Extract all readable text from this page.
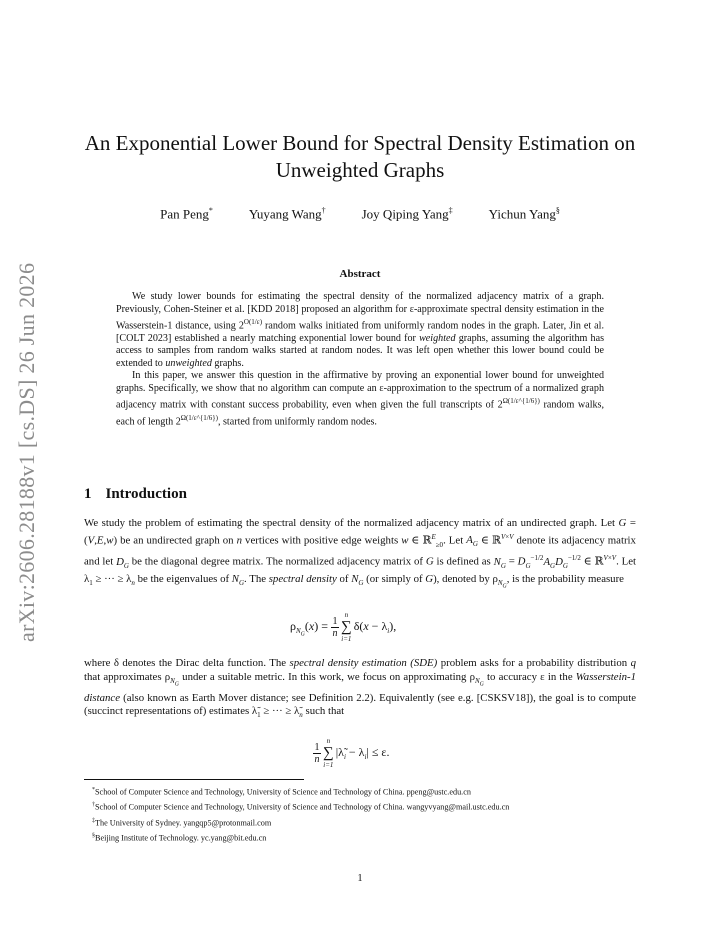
arXiv:2606.28188v1 [cs.DS] 26 Jun 2026
An Exponential Lower Bound for Spectral Density Estimation on
Unweighted Graphs
Pan Peng*	Yuyang Wang†	Joy Qiping Yang‡	Yichun Yang§
Abstract

We study lower bounds for estimating the spectral density of the normalized adjacency matrix of a graph. Previously, Cohen-Steiner et al. [KDD 2018] proposed an algorithm for ε-approximate spectral density estimation in the Wasserstein-1 distance, using $2^{O(1/\varepsilon)}$ random walks initiated from uniformly random nodes in the graph. Later, Jin et al. [COLT 2023] established a nearly matching exponential lower bound for weighted graphs, assuming the algorithm has access to samples from random walks started at random nodes. It was left open whether this lower bound could be extended to unweighted graphs.

In this paper, we answer this question in the affirmative by proving an exponential lower bound for unweighted graphs. Specifically, we show that no algorithm can compute an ε-approximation to the spectrum of a normalized graph adjacency matrix with constant success probability, even when given the full transcripts of $2^{\Omega(1/\varepsilon\^{}\{1/6\})}$ random walks, each of length $2^{\Omega(1/\varepsilon\^{}\{1/6\})}$, started from uniformly random nodes.

1 Introduction

We study the problem of estimating the spectral density of the normalized adjacency matrix of an undirected graph. Let G = (V,E,w) be an undirected graph on n vertices with positive edge weights w ∈ ℝ$^E_{\ge 0}$. Let $A_G$ ∈ ℝ$^{V\times V}$ denote its adjacency matrix and let $D_G$ be the diagonal degree matrix. The normalized adjacency matrix of G is defined as $N_G = D_G^{-1/2}A_GD_G^{-1/2}$ ∈ ℝ$^{V\times V}$. Let $\lambda_1$ ≥ ··· ≥ $\lambda_n$ be the eigenvalues of $N_G$. The spectral density of $N_G$ (or simply of G), denoted by $\rho_{N_G}$, is the probability measure

$\rho_{N_G}(x) = \frac{1}{n}$
n
∑
i=1
$\delta(x - \lambda_i)$,

where δ denotes the Dirac delta function. The spectral density estimation (SDE) problem asks for a probability distribution q that approximates $\rho_{N_G}$ under a suitable metric. In this work, we focus on approximating $\rho_{N_G}$ to accuracy ε in the Wasserstein-1 distance (also known as Earth Mover distance; see Definition 2.2). Equivalently (see e.g. [CSKSV18]), the goal is to compute (succinct representations of) estimates $\lambdã_1$ ≥ ··· ≥ $\lambdã_n$ such that

$\frac{1}{n}$
n
∑
i=1
$|\lambdã_i - \lambda_i| \le \varepsilon$.
*School of Computer Science and Technology, University of Science and Technology of China. ppeng@ustc.edu.cn
†School of Computer Science and Technology, University of Science and Technology of China. wangyvyang@mail.ustc.edu.cn
‡The University of Sydney. yangqp5@protonmail.com
§Beijing Institute of Technology. yc.yang@bit.edu.cn
1
